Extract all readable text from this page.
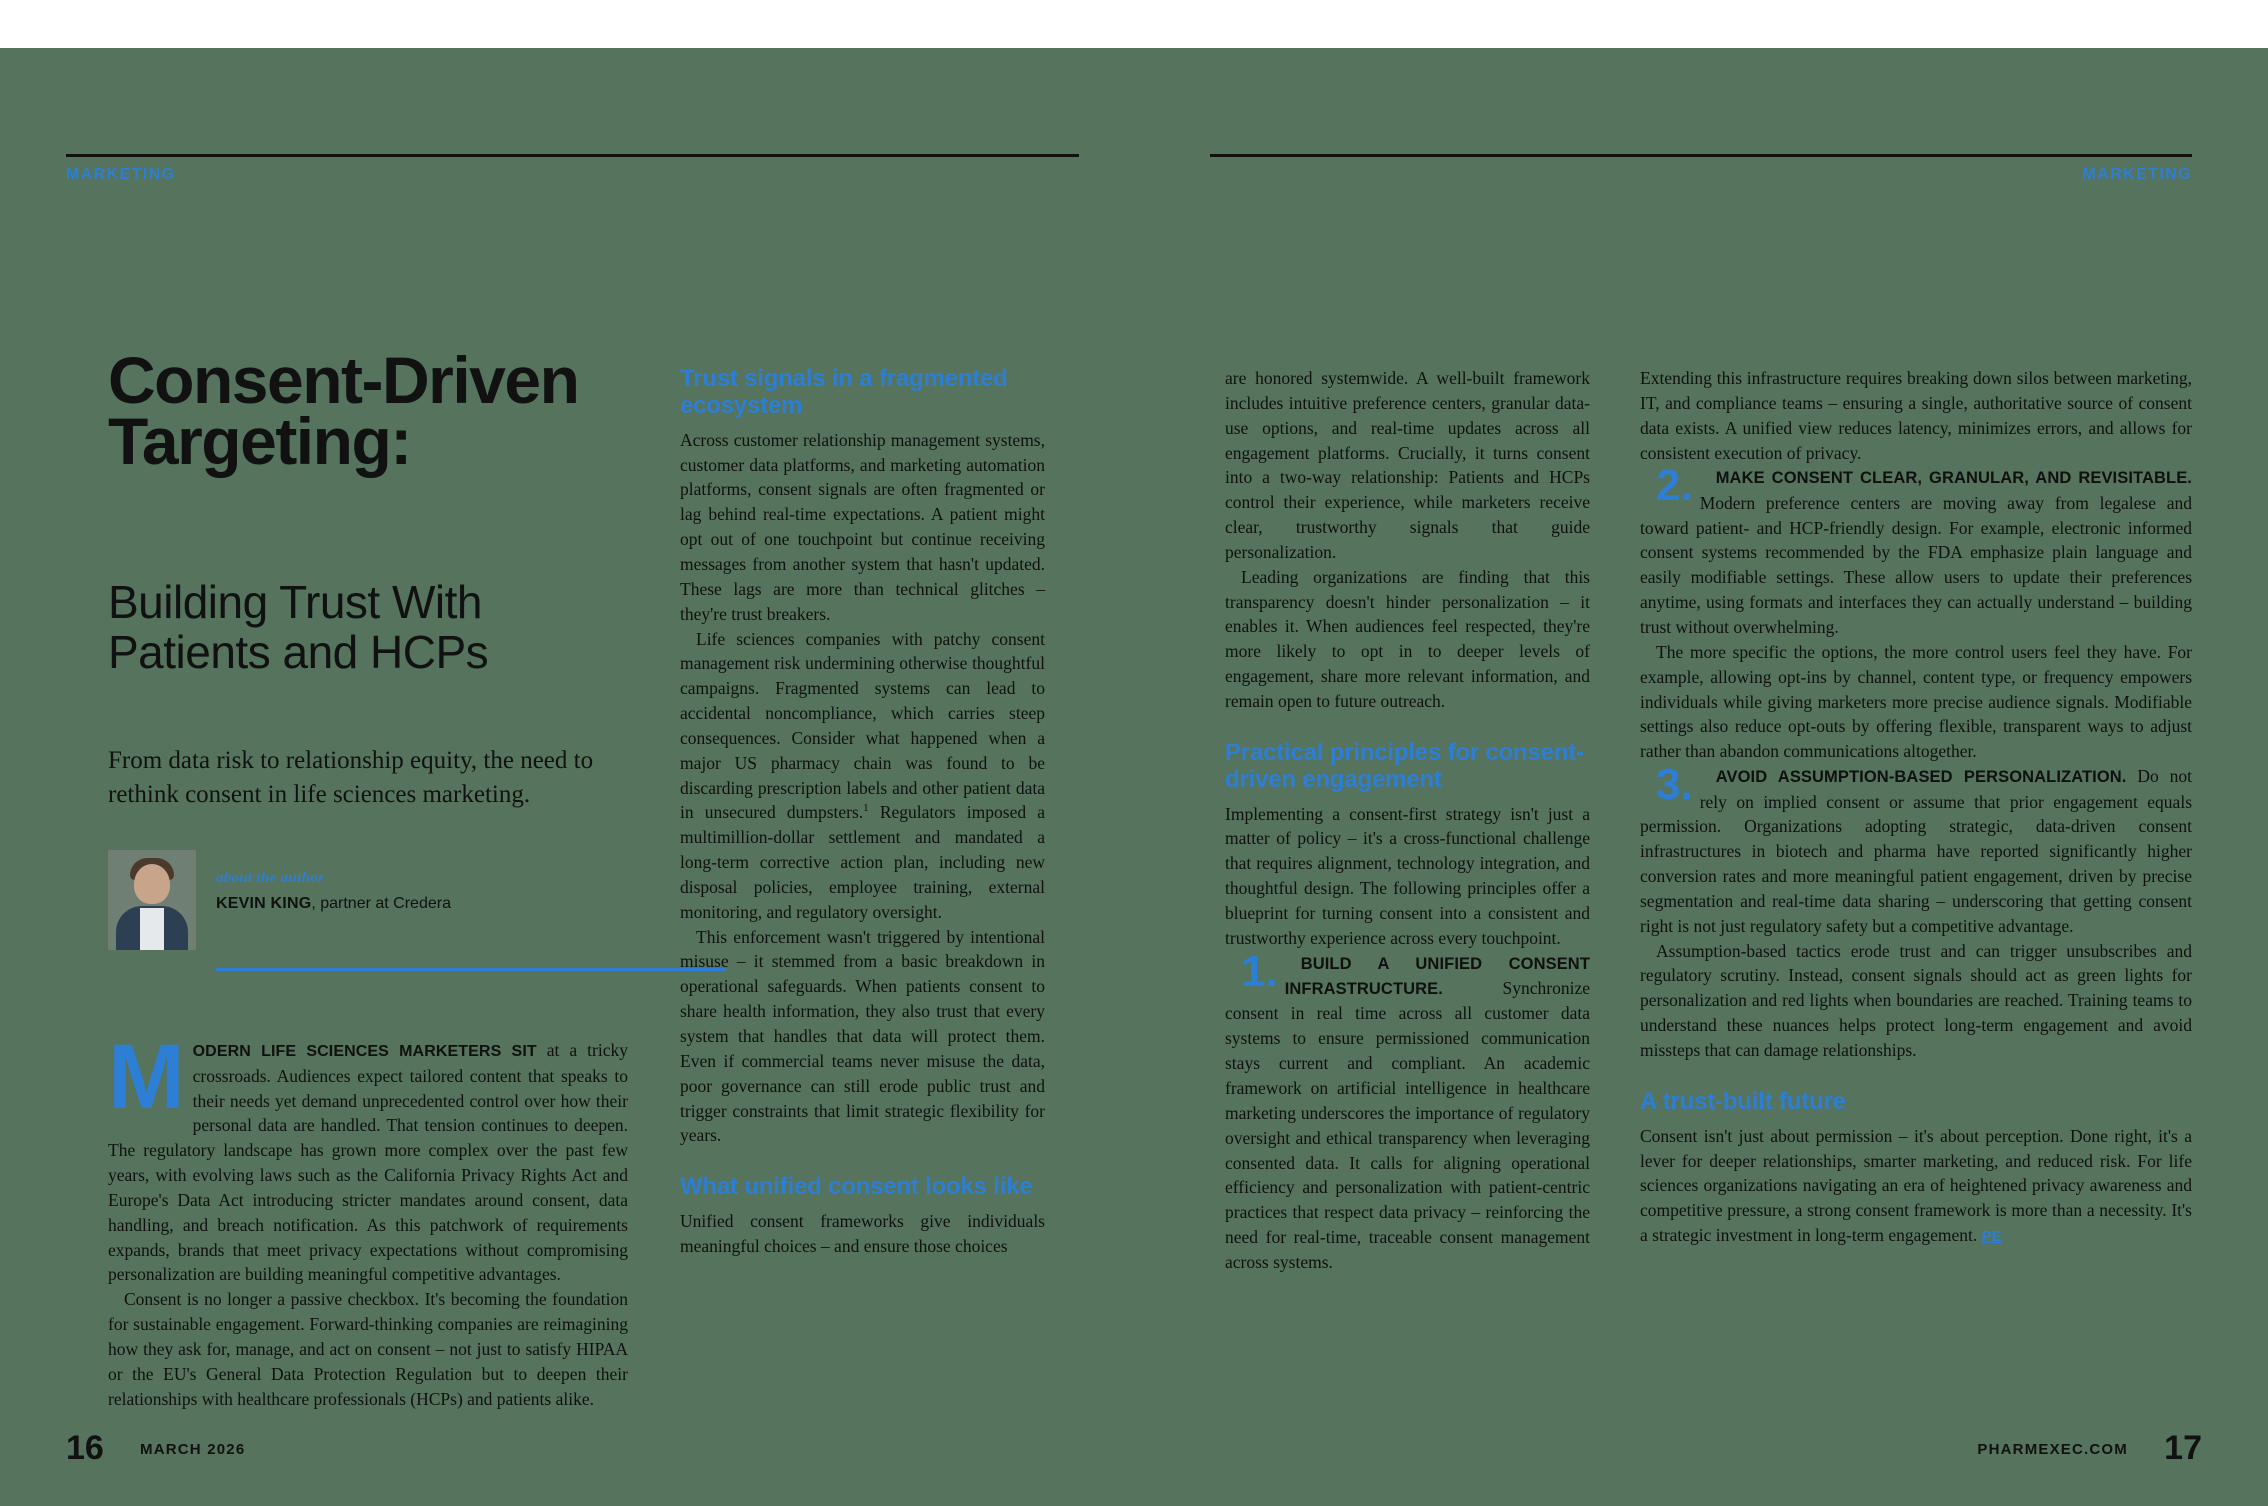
MARKETING	MARKETING
Consent-Driven Targeting:
Building Trust With Patients and HCPs
From data risk to relationship equity, the need to rethink consent in life sciences marketing.
about the author
KEVIN KING, partner at Credera

MODERN LIFE SCIENCES MARKETERS SIT at a tricky crossroads. Audiences expect tailored content that speaks to their needs yet demand unprecedented control over how their personal data are handled. That tension continues to deepen. The regulatory landscape has grown more complex over the past few years, with evolving laws such as the California Privacy Rights Act and Europe's Data Act introducing stricter mandates around consent, data handling, and breach notification. As this patchwork of requirements expands, brands that meet privacy expectations without compromising personalization are building meaningful competitive advantages.

Consent is no longer a passive checkbox. It's becoming the foundation for sustainable engagement. Forward-thinking companies are reimagining how they ask for, manage, and act on consent – not just to satisfy HIPAA or the EU's General Data Protection Regulation but to deepen their relationships with healthcare professionals (HCPs) and patients alike.

Trust signals in a fragmented ecosystem

Across customer relationship management systems, customer data platforms, and marketing automation platforms, consent signals are often fragmented or lag behind real-time expectations. A patient might opt out of one touchpoint but continue receiving messages from another system that hasn't updated. These lags are more than technical glitches – they're trust breakers.

Life sciences companies with patchy consent management risk undermining otherwise thoughtful campaigns. Fragmented systems can lead to accidental noncompliance, which carries steep consequences. Consider what happened when a major US pharmacy chain was found to be discarding prescription labels and other patient data in unsecured dumpsters.$^1$ Regulators imposed a multimillion-dollar settlement and mandated a long-term corrective action plan, including new disposal policies, employee training, external monitoring, and regulatory oversight.

This enforcement wasn't triggered by intentional misuse – it stemmed from a basic breakdown in operational safeguards. When patients consent to share health information, they also trust that every system that handles that data will protect them. Even if commercial teams never misuse the data, poor governance can still erode public trust and trigger constraints that limit strategic flexibility for years.

What unified consent looks like

Unified consent frameworks give individuals meaningful choices – and ensure those choices

are honored systemwide. A well-built framework includes intuitive preference centers, granular data-use options, and real-time updates across all engagement platforms. Crucially, it turns consent into a two-way relationship: Patients and HCPs control their experience, while marketers receive clear, trustworthy signals that guide personalization.

Leading organizations are finding that this transparency doesn't hinder personalization – it enables it. When audiences feel respected, they're more likely to opt in to deeper levels of engagement, share more relevant information, and remain open to future outreach.

Practical principles for consent-driven engagement

Implementing a consent-first strategy isn't just a matter of policy – it's a cross-functional challenge that requires alignment, technology integration, and thoughtful design. The following principles offer a blueprint for turning consent into a consistent and trustworthy experience across every touchpoint.

1. BUILD A UNIFIED CONSENT INFRASTRUCTURE. Synchronize consent in real time across all customer data systems to ensure permissioned communication stays current and compliant. An academic framework on artificial intelligence in healthcare marketing underscores the importance of regulatory oversight and ethical transparency when leveraging consented data. It calls for aligning operational efficiency and personalization with patient-centric practices that respect data privacy – reinforcing the need for real-time, traceable consent management across systems.

Extending this infrastructure requires breaking down silos between marketing, IT, and compliance teams – ensuring a single, authoritative source of consent data exists. A unified view reduces latency, minimizes errors, and allows for consistent execution of privacy.

2. MAKE CONSENT CLEAR, GRANULAR, AND REVISITABLE. Modern preference centers are moving away from legalese and toward patient- and HCP-friendly design. For example, electronic informed consent systems recommended by the FDA emphasize plain language and easily modifiable settings. These allow users to update their preferences anytime, using formats and interfaces they can actually understand – building trust without overwhelming.

The more specific the options, the more control users feel they have. For example, allowing opt-ins by channel, content type, or frequency empowers individuals while giving marketers more precise audience signals. Modifiable settings also reduce opt-outs by offering flexible, transparent ways to adjust rather than abandon communications altogether.

3. AVOID ASSUMPTION-BASED PERSONALIZATION. Do not rely on implied consent or assume that prior engagement equals permission. Organizations adopting strategic, data-driven consent infrastructures in biotech and pharma have reported significantly higher conversion rates and more meaningful patient engagement, driven by precise segmentation and real-time data sharing – underscoring that getting consent right is not just regulatory safety but a competitive advantage.

Assumption-based tactics erode trust and can trigger unsubscribes and regulatory scrutiny. Instead, consent signals should act as green lights for personalization and red lights when boundaries are reached. Training teams to understand these nuances helps protect long-term engagement and avoid missteps that can damage relationships.

A trust-built future

Consent isn't just about permission – it's about perception. Done right, it's a lever for deeper relationships, smarter marketing, and reduced risk. For life sciences organizations navigating an era of heightened privacy awareness and competitive pressure, a strong consent framework is more than a necessity. It's a strategic investment in long-term engagement. PE

16 MARCH 2026	PHARMEXEC.COM 17
